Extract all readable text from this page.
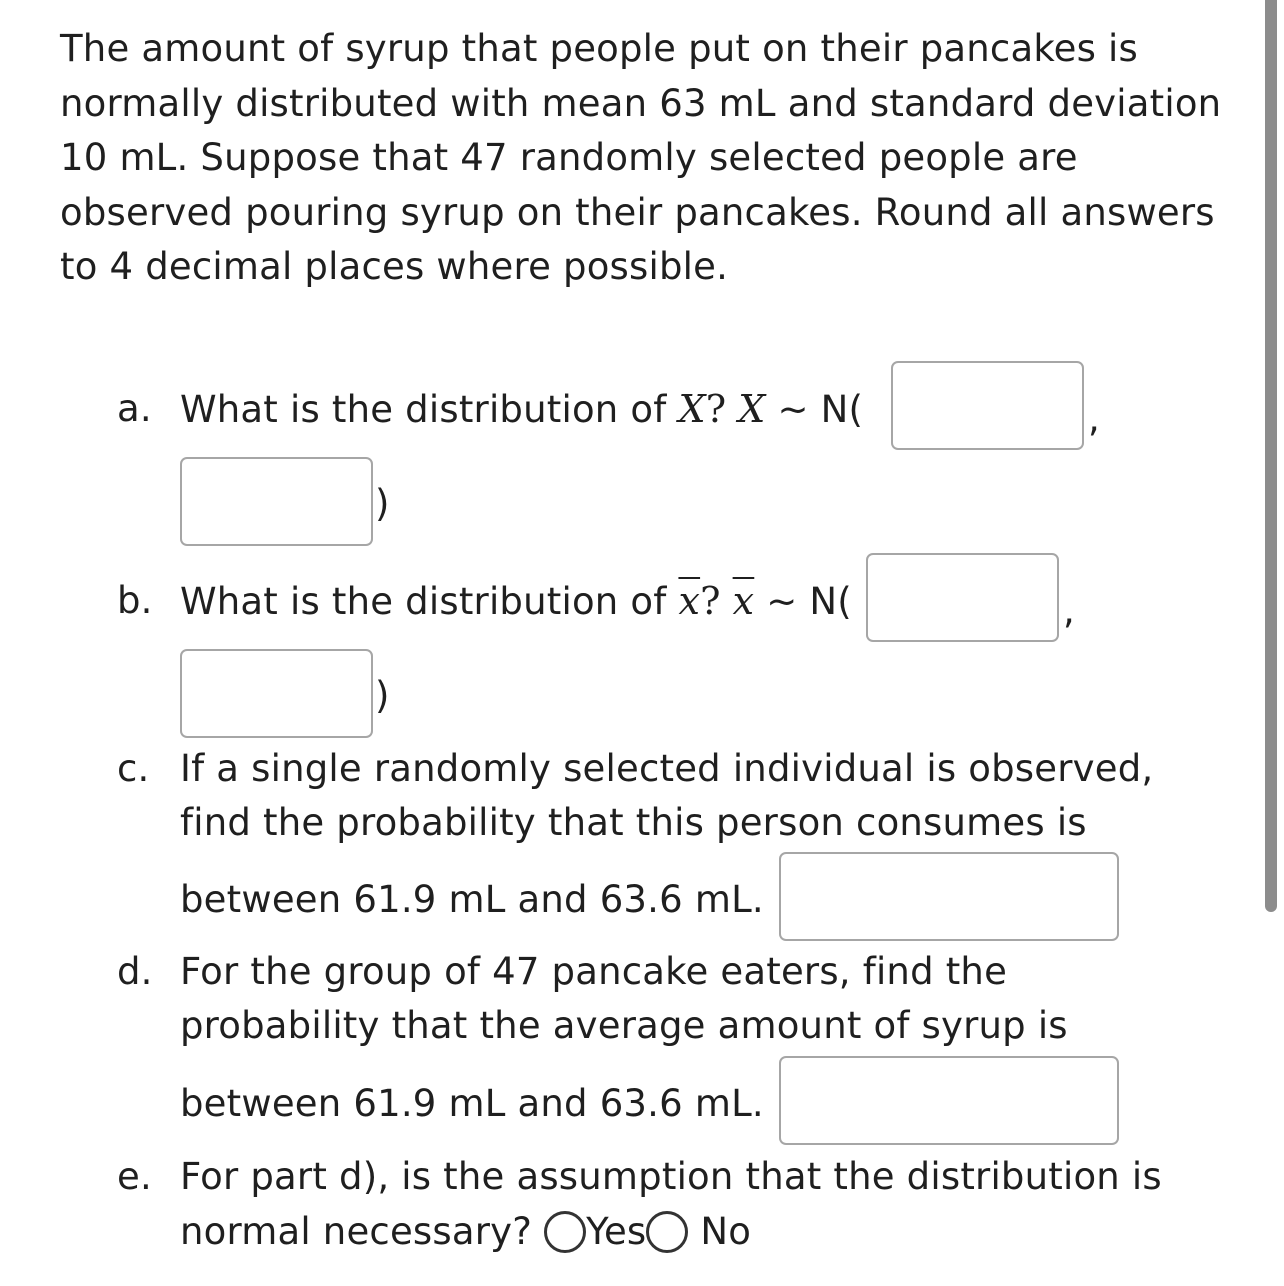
The amount of syrup that people put on their pancakes is
normally distributed with mean 63 mL and standard deviation
10 mL. Suppose that 47 randomly selected people are
observed pouring syrup on their pancakes. Round all answers
to 4 decimal places where possible.
a. What is the distribution of X? X ~ N(	,
)
b. What is the distribution of $\overline{x}$? $\overline{x}$ ~ N(	,
)
c. If a single randomly selected individual is observed,
find the probability that this person consumes is
between 61.9 mL and 63.6 mL.
d. For the group of 47 pancake eaters, find the
probability that the average amount of syrup is
between 61.9 mL and 63.6 mL.
e. For part d), is the assumption that the distribution is
normal necessary? Yes No
